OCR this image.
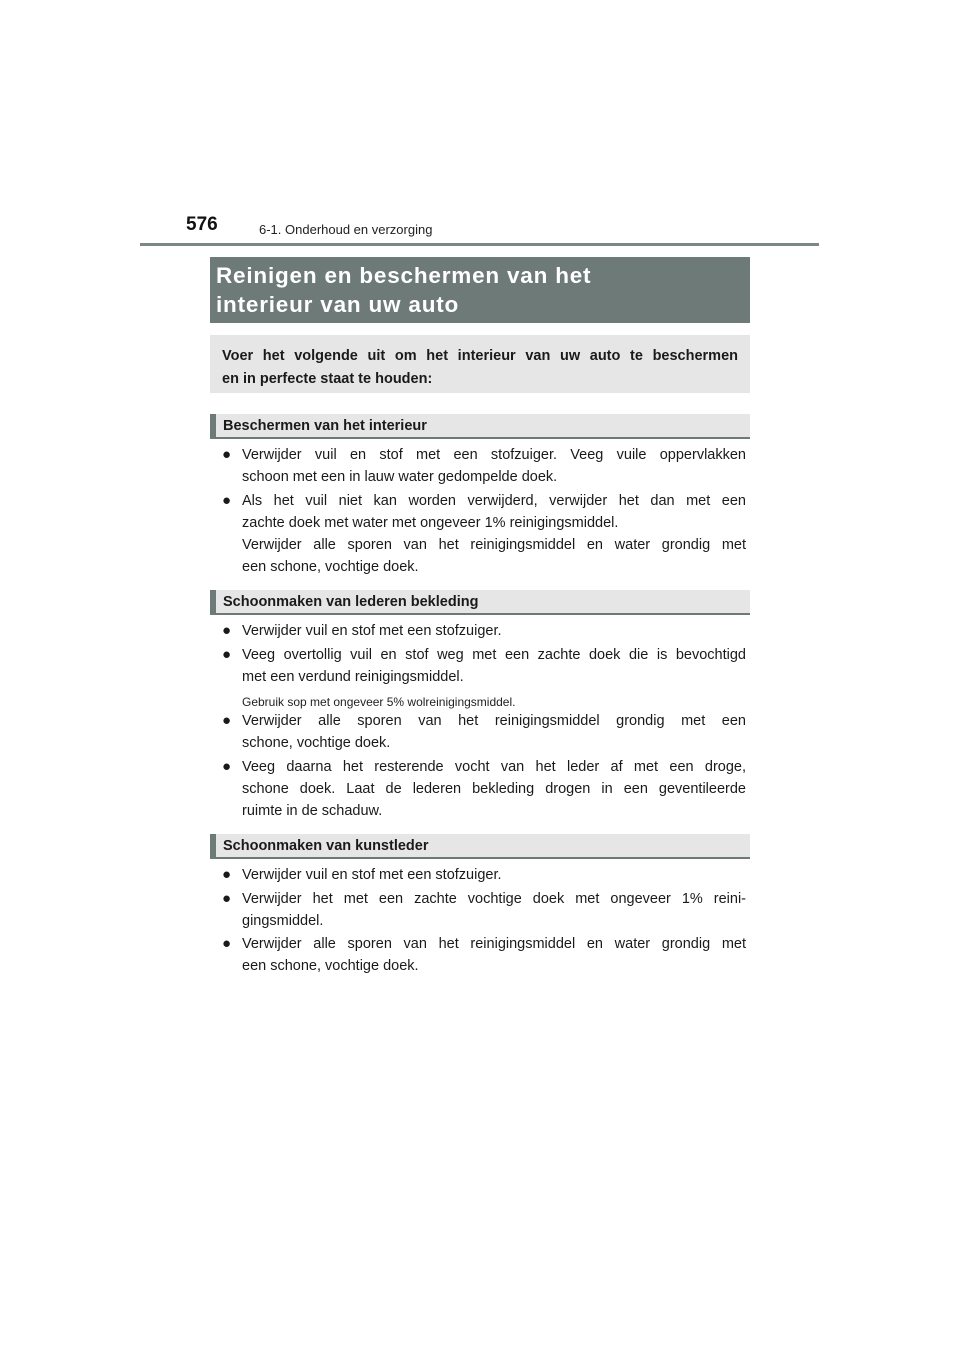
576	6-1. Onderhoud en verzorging
Reinigen en beschermen van het
interieur van uw auto
Voer het volgende uit om het interieur van uw auto te beschermen
en in perfecte staat te houden:
Beschermen van het interieur
● Verwijder vuil en stof met een stofzuiger. Veeg vuile oppervlakken
schoon met een in lauw water gedompelde doek.
● Als het vuil niet kan worden verwijderd, verwijder het dan met een
zachte doek met water met ongeveer 1% reinigingsmiddel.
Verwijder alle sporen van het reinigingsmiddel en water grondig met
een schone, vochtige doek.
Schoonmaken van lederen bekleding
● Verwijder vuil en stof met een stofzuiger.
● Veeg overtollig vuil en stof weg met een zachte doek die is bevochtigd
met een verdund reinigingsmiddel.
Gebruik sop met ongeveer 5% wolreinigingsmiddel.
● Verwijder alle sporen van het reinigingsmiddel grondig met een
schone, vochtige doek.
● Veeg daarna het resterende vocht van het leder af met een droge,
schone doek. Laat de lederen bekleding drogen in een geventileerde
ruimte in de schaduw.
Schoonmaken van kunstleder
● Verwijder vuil en stof met een stofzuiger.
● Verwijder het met een zachte vochtige doek met ongeveer 1% reini-
gingsmiddel.
● Verwijder alle sporen van het reinigingsmiddel en water grondig met
een schone, vochtige doek.
